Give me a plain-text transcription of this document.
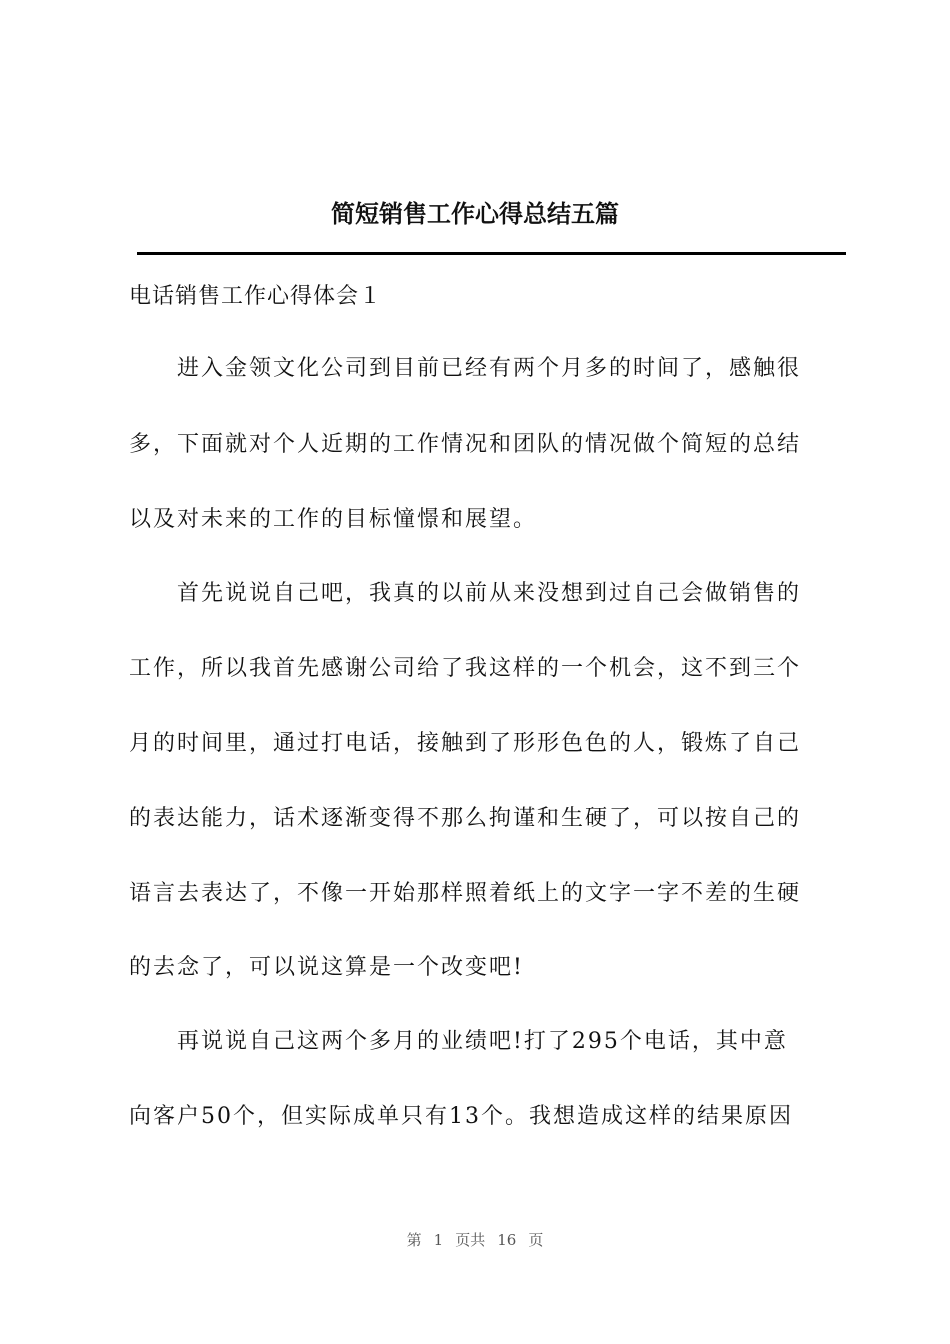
简短销售工作心得总结五篇
电话销售工作心得体会１
　　进入金领文化公司到目前已经有两个月多的时间了，感触很
多，下面就对个人近期的工作情况和团队的情况做个简短的总结
以及对未来的工作的目标憧憬和展望。
　　首先说说自己吧，我真的以前从来没想到过自己会做销售的
工作，所以我首先感谢公司给了我这样的一个机会，这不到三个
月的时间里，通过打电话，接触到了形形色色的人，锻炼了自己
的表达能力，话术逐渐变得不那么拘谨和生硬了，可以按自己的
语言去表达了，不像一开始那样照着纸上的文字一字不差的生硬
的去念了，可以说这算是一个改变吧!
　　再说说自己这两个多月的业绩吧!打了295个电话，其中意
向客户50个，但实际成单只有13个。我想造成这样的结果原因
第 1 页共 16 页
